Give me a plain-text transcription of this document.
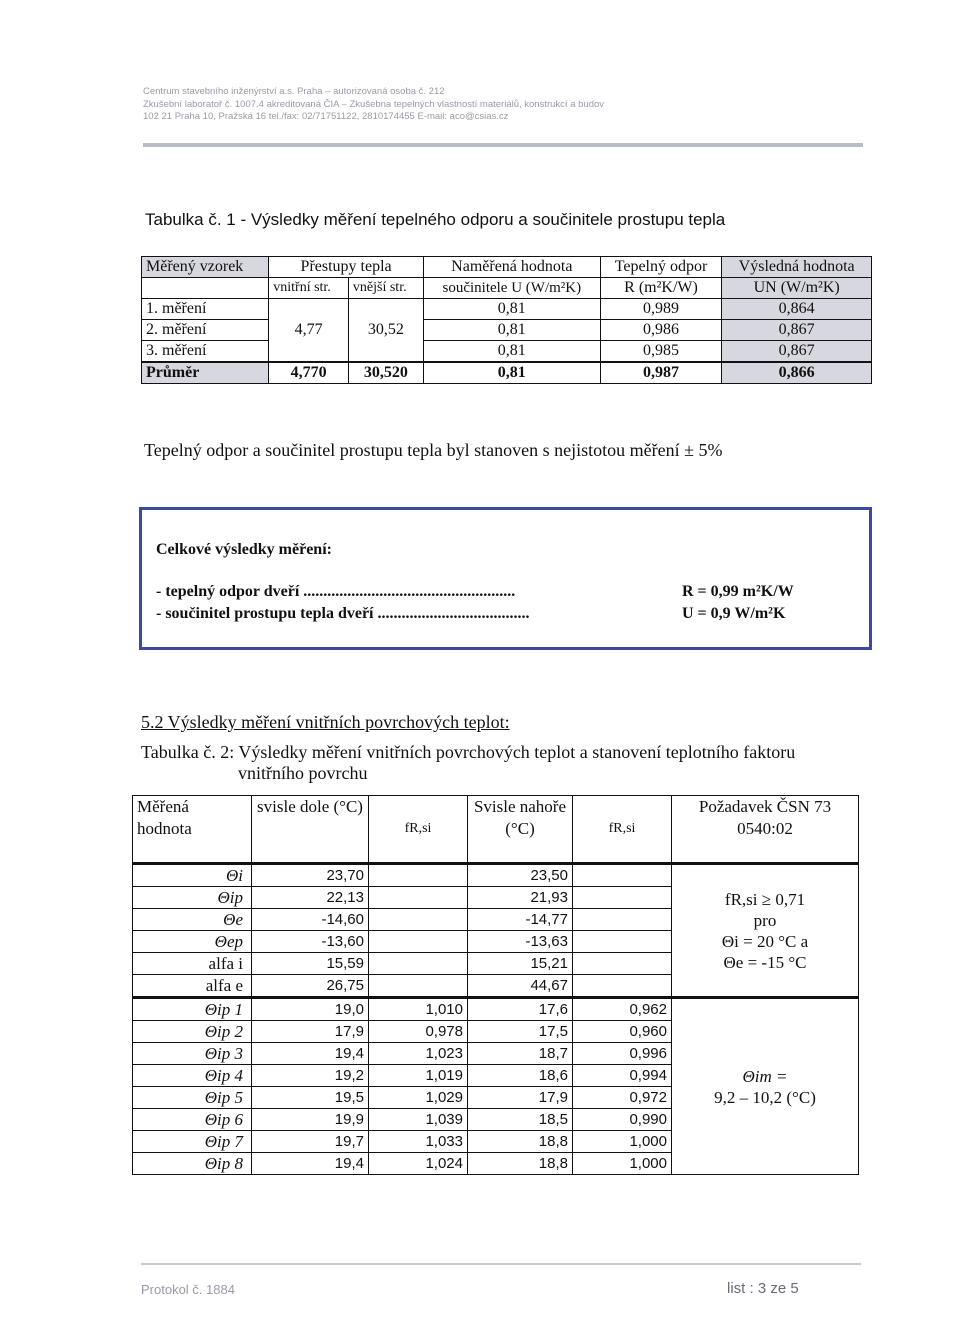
Centrum stavebního inženýrství a.s. Praha – autorizovaná osoba č. 212
Zkušební laboratoř č. 1007.4 akreditovaná ČIA – Zkušebna tepelných vlastností materiálů, konstrukcí a budov
102 21 Praha 10, Pražská 16 tel./fax: 02/71751122, 2810174455 E-mail: aco@csias.cz
Tabulka č. 1 - Výsledky měření tepelného odporu a součinitele prostupu tepla
Měřený vzorek	Přestupy tepla		Naměřená hodnota	Tepelný odpor	Výsledná hodnota
	vnitřní str.	vnější str.	součinitele U (W/m²K)	R (m²K/W)	UN (W/m²K)
1. měření	4,77	30,52	0,81	0,989	0,864
2. měření			0,81	0,986	0,867
3. měření			0,81	0,985	0,867
Průměr	4,770	30,520	0,81	0,987	0,866
Tepelný odpor a součinitel prostupu tepla byl stanoven s nejistotou měření ± 5%
Celkové výsledky měření:
- tepelný odpor dveří .....................................................
- součinitel prostupu tepla dveří ......................................
R = 0,99 m²K/W
U = 0,9 W/m²K
5.2 Výsledky měření vnitřních povrchových teplot:
Tabulka č. 2: Výsledky měření vnitřních povrchových teplot a stanovení teplotního faktoru
vnitřního povrchu
Měřená hodnota	svisle dole (°C)	fR,si	Svisle nahoře (°C)	fR,si	Požadavek ČSN 73 0540:02
Θi	23,70		23,50		fR,si ≥ 0,71
pro
Θi = 20 °C a
Θe = -15 °C

Θip	22,13		21,93		
Θe	-14,60		-14,77		
Θep	-13,60		-13,63		
alfa i	15,59		15,21		
alfa e	26,75		44,67		
Θip 1	19,0	1,010	17,6	0,962	Θim =
9,2 – 10,2 (°C)

Θip 2	17,9	0,978	17,5	0,960	
Θip 3	19,4	1,023	18,7	0,996	
Θip 4	19,2	1,019	18,6	0,994	
Θip 5	19,5	1,029	17,9	0,972	
Θip 6	19,9	1,039	18,5	0,990	
Θip 7	19,7	1,033	18,8	1,000	
Θip 8	19,4	1,024	18,8	1,000	
Protokol č. 1884	list : 3 ze 5
